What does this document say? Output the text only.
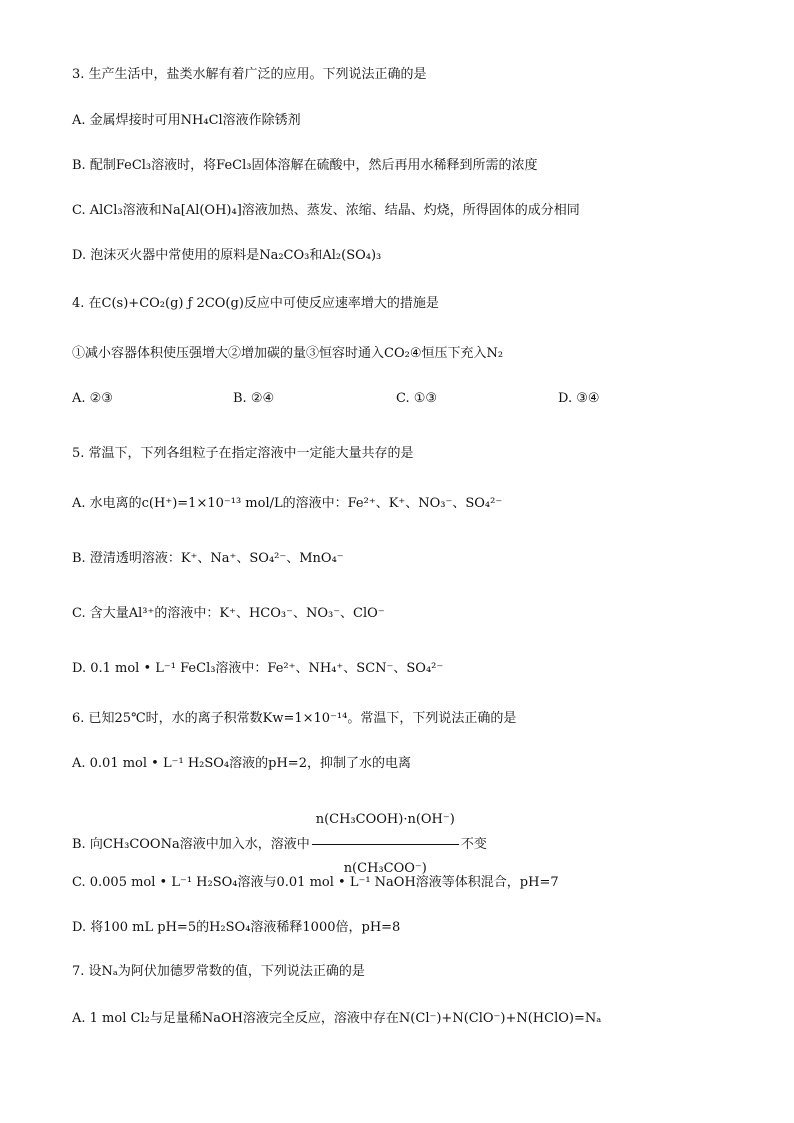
3. 生产生活中，盐类水解有着广泛的应用。下列说法正确的是
A. 金属焊接时可用NH₄Cl溶液作除锈剂
B. 配制FeCl₃溶液时，将FeCl₃固体溶解在硫酸中，然后再用水稀释到所需的浓度
C. AlCl₃溶液和Na[Al(OH)₄]溶液加热、蒸发、浓缩、结晶、灼烧，所得固体的成分相同
D. 泡沫灭火器中常使用的原料是Na₂CO₃和Al₂(SO₄)₃
4. 在C(s)+CO₂(g) ƒ 2CO(g)反应中可使反应速率增大的措施是
①减小容器体积使压强增大②增加碳的量③恒容时通入CO₂④恒压下充入N₂
A. ②③	B. ②④	C. ①③	D. ③④
5. 常温下，下列各组粒子在指定溶液中一定能大量共存的是
A. 水电离的c(H⁺)=1×10⁻¹³ mol/L的溶液中：Fe²⁺、K⁺、NO₃⁻、SO₄²⁻
B. 澄清透明溶液：K⁺、Na⁺、SO₄²⁻、MnO₄⁻
C. 含大量Al³⁺的溶液中：K⁺、HCO₃⁻、NO₃⁻、ClO⁻
D. 0.1 mol • L⁻¹ FeCl₃溶液中：Fe²⁺、NH₄⁺、SCN⁻、SO₄²⁻
6. 已知25℃时，水的离子积常数Kw=1×10⁻¹⁴。常温下，下列说法正确的是
A. 0.01 mol • L⁻¹ H₂SO₄溶液的pH=2，抑制了水的电离
B. 向CH₃COONa溶液中加入水，溶液中 $\frac{\text{n(CH₃COOH)·n(OH⁻)}}{\text{n(CH₃COO⁻)}}$ 不变
C. 0.005 mol • L⁻¹ H₂SO₄溶液与0.01 mol • L⁻¹ NaOH溶液等体积混合，pH=7
D. 将100 mL pH=5的H₂SO₄溶液稀释1000倍，pH=8
7. 设Nₐ为阿伏加德罗常数的值，下列说法正确的是
A. 1 mol Cl₂与足量稀NaOH溶液完全反应，溶液中存在N(Cl⁻)+N(ClO⁻)+N(HClO)=Nₐ
